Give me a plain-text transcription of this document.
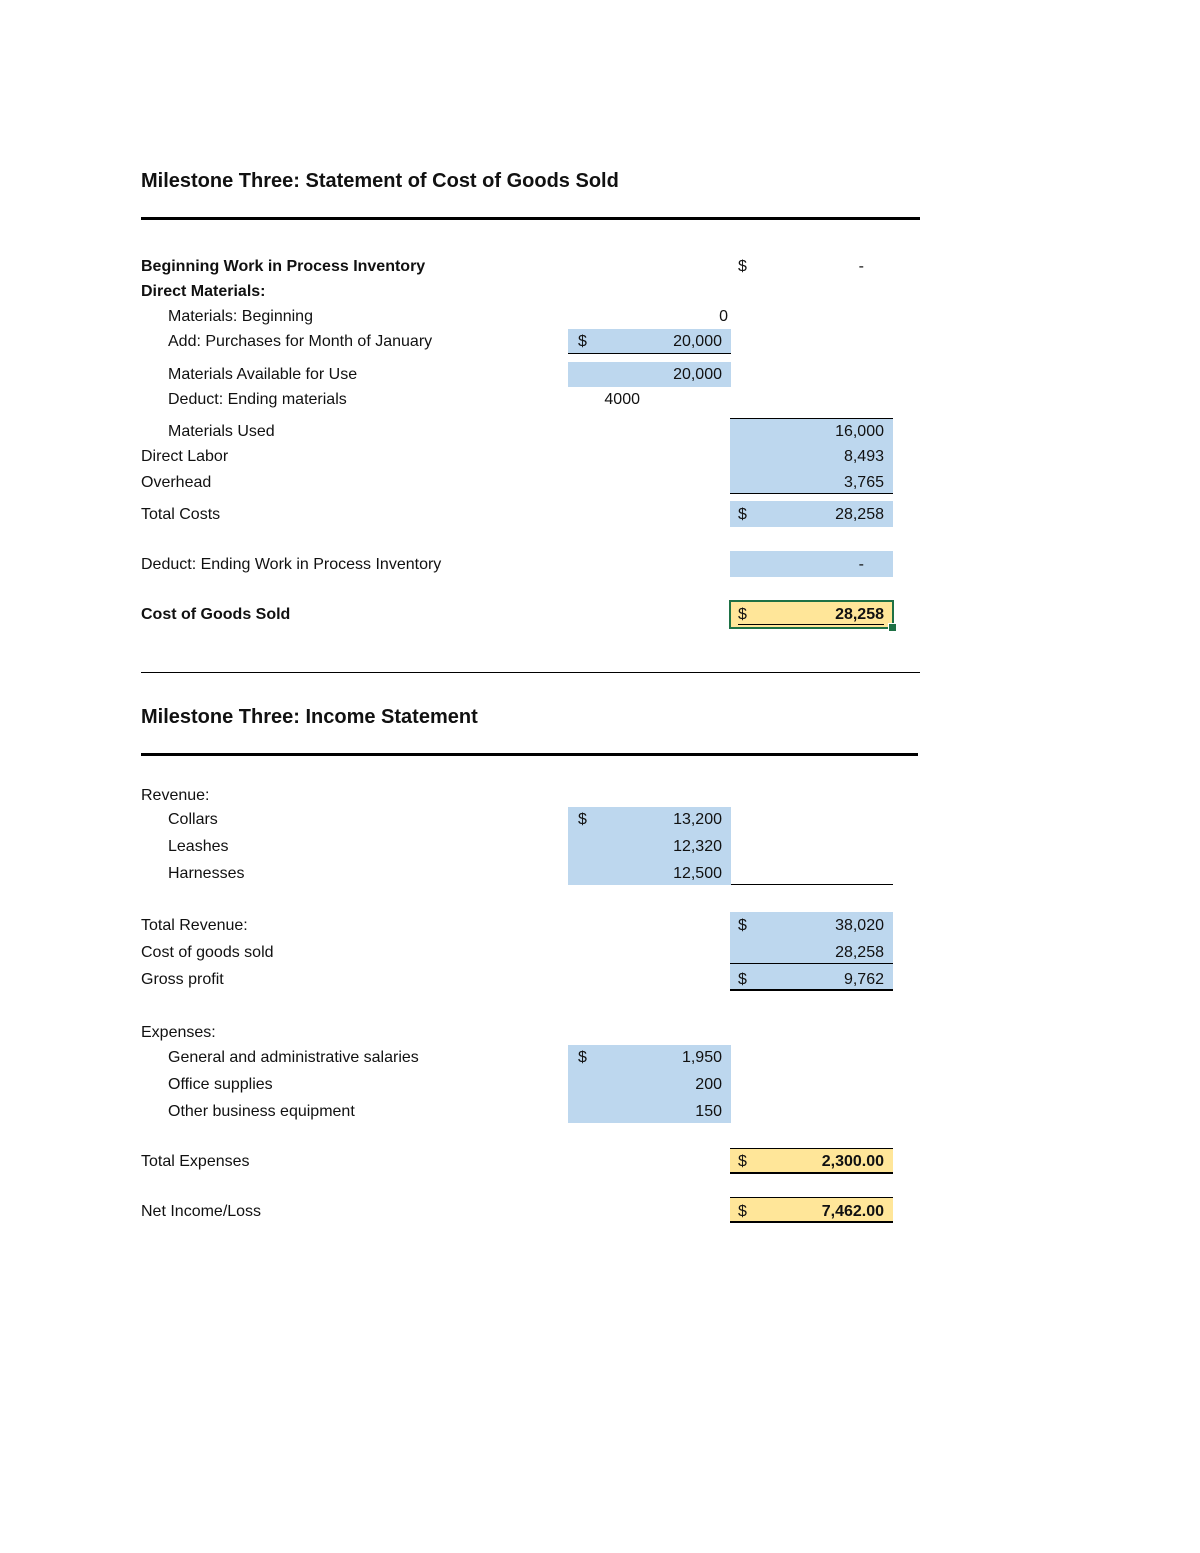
Milestone Three: Statement of Cost of Goods Sold
Beginning Work in Process Inventory	$	-
Direct Materials:
Materials: Beginning	0
Add: Purchases for Month of January	$	20,000
Materials Available for Use	20,000
Deduct: Ending materials	4000
Materials Used	16,000
Direct Labor	8,493
Overhead	3,765
Total Costs	$	28,258
Deduct: Ending Work in Process Inventory	-
Cost of Goods Sold	$	28,258
Milestone Three: Income Statement
Revenue:
$
Collars	13,200
Leashes	12,320
Harnesses	12,500
Total Revenue:	$	38,020
Cost of goods sold	28,258
Gross profit	$	9,762
Expenses:
$
General and administrative salaries	1,950
Office supplies	200
Other business equipment	150
Total Expenses	$	2,300.00
Net Income/Loss	$	7,462.00
